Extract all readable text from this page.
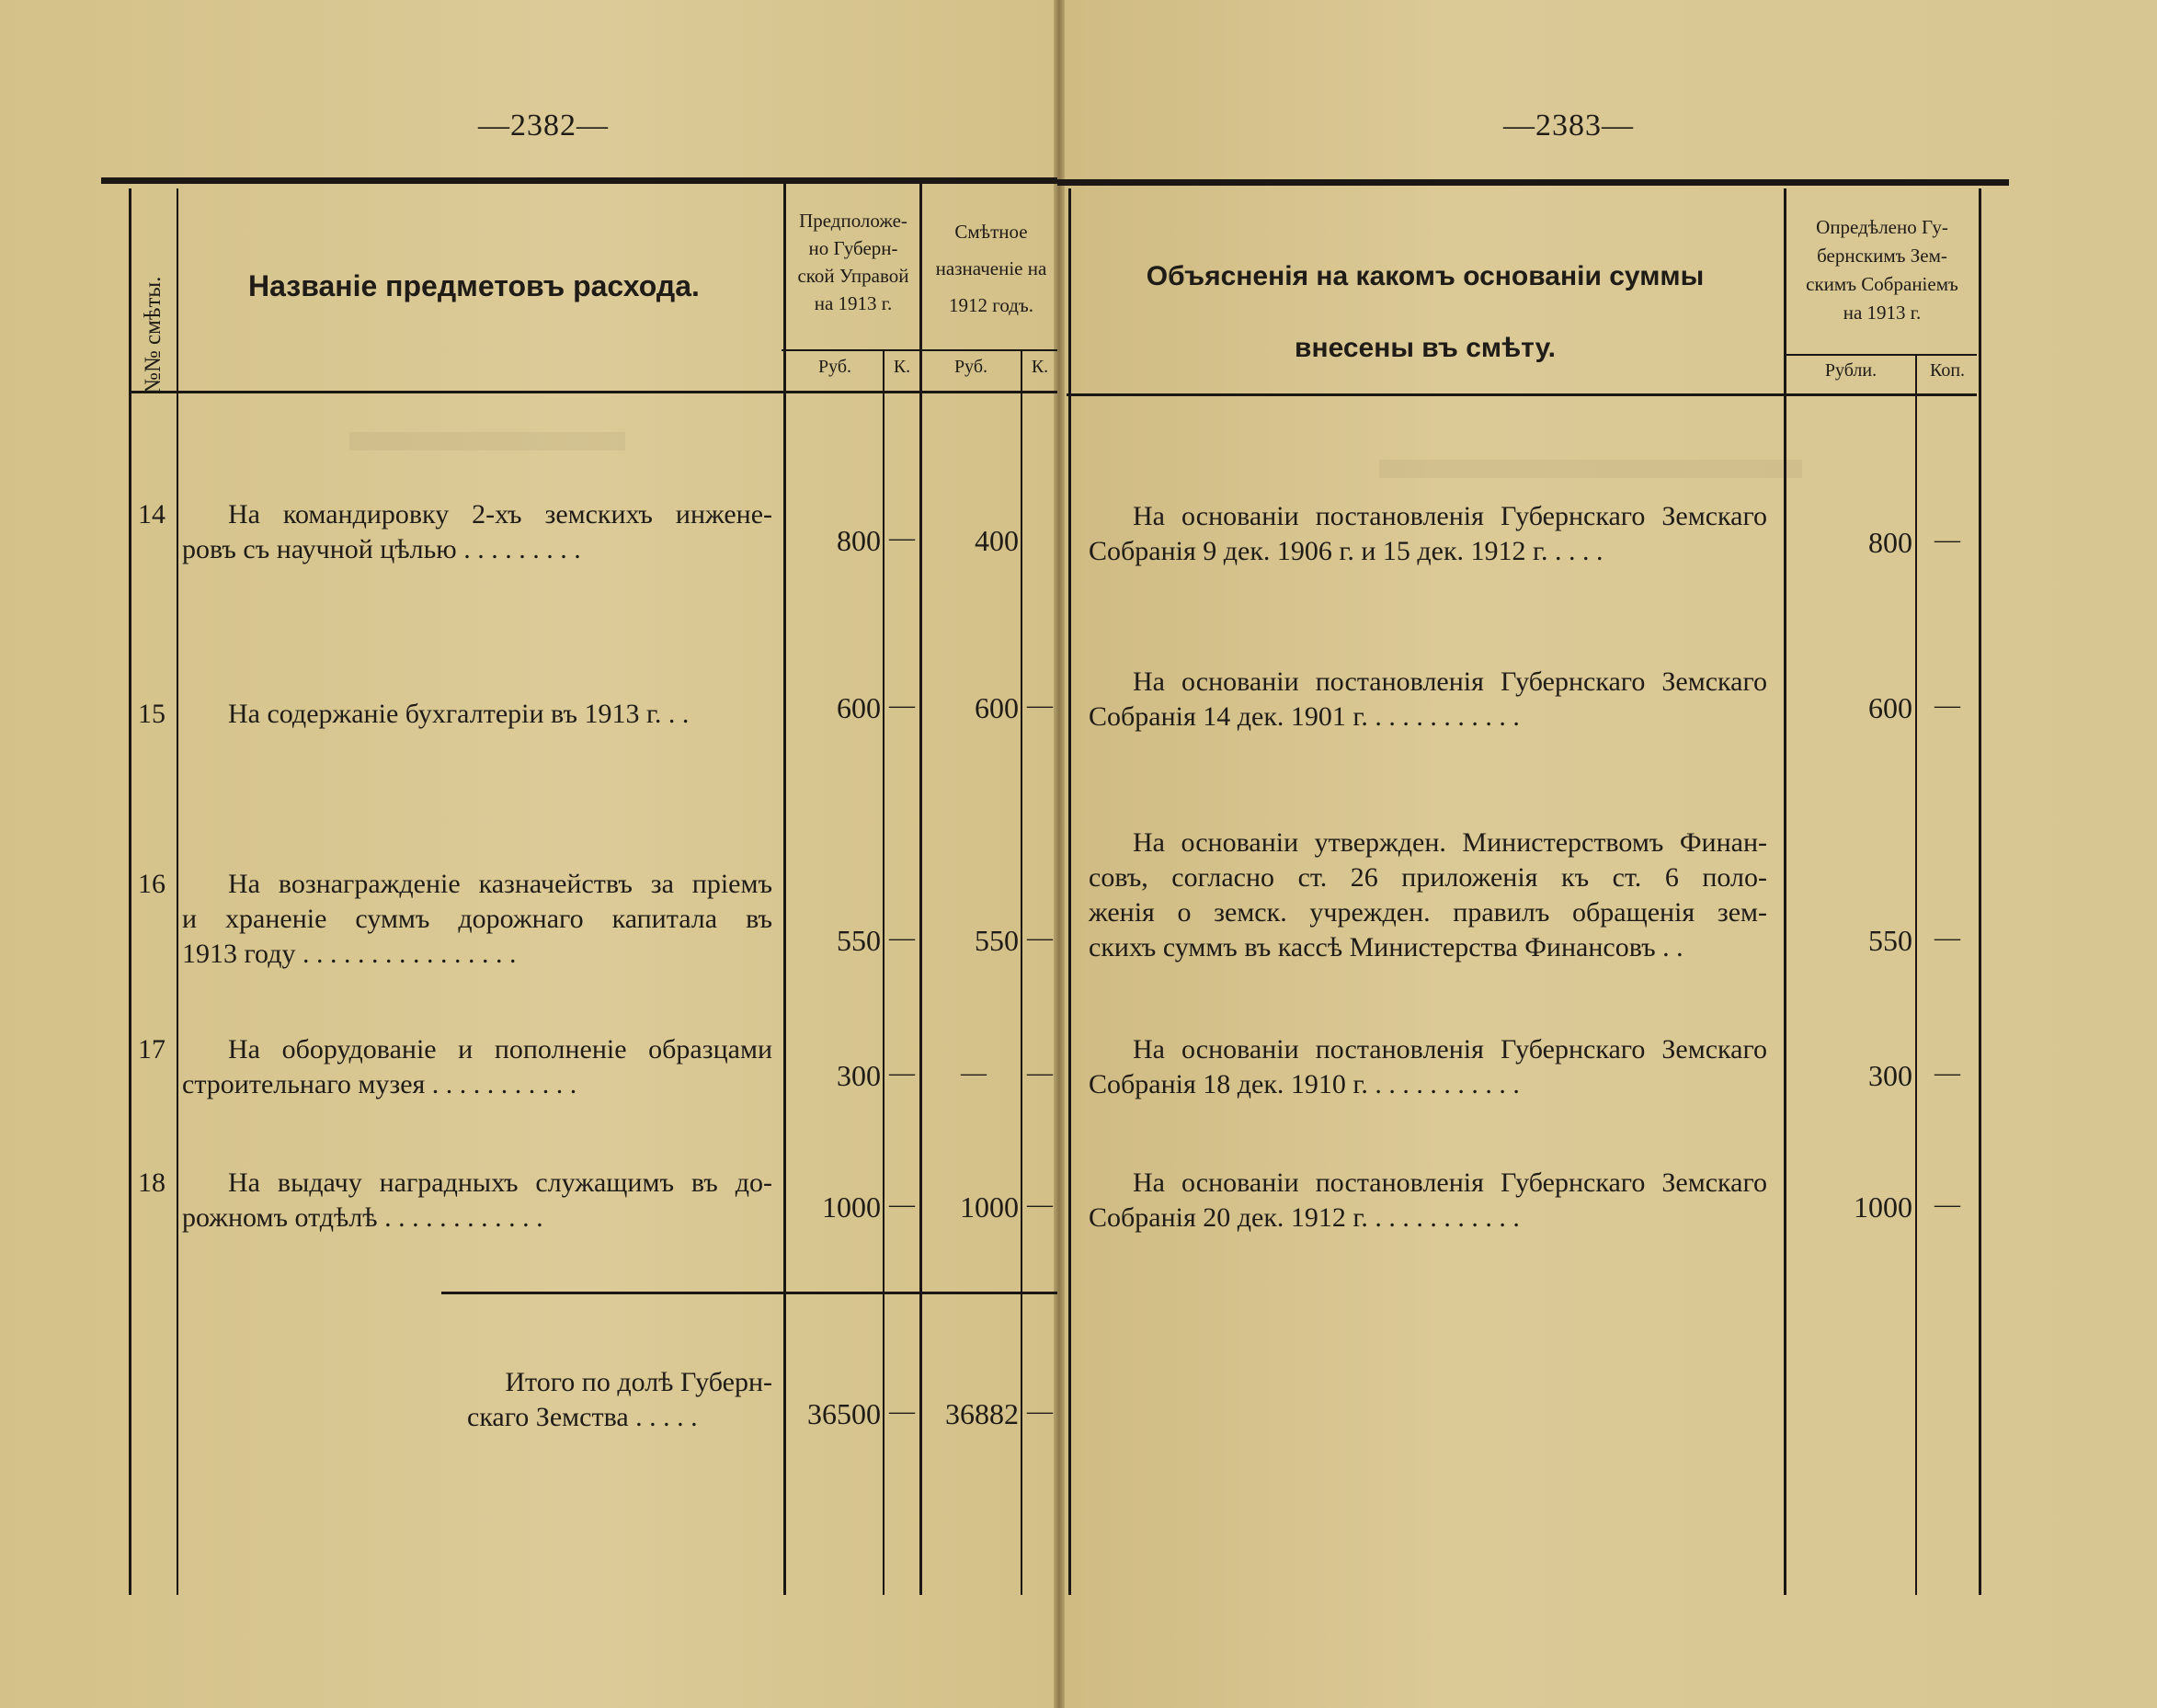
—2382—
№№ смѣты.	Названіе предметовъ расхода.
Предположе-
но Губерн-
ской Управой
на 1913 г.
Смѣтное
назначеніе на
1912 годъ.
Руб.	К.	Руб.	К.
14 На командировку 2-хъ земскихъ инжене-
ровъ съ научной цѣлью . . . . . . . . .	800 —	400
15 На содержаніе бухгалтеріи въ 1913 г. . .	600 —	600 —
16 На вознагражденіе казначействъ за пріемъ
и храненіе суммъ дорожнаго капитала въ
1913 году . . . . . . . . . . . . . . . .	550 —	550 —
17 На оборудованіе и пополненіе образцами
строительнаго музея . . . . . . . . . . .	300 —	—	—
18 На выдачу наградныхъ служащимъ въ до-
рожномъ отдѣлѣ . . . . . . . . . . . .	1000 —	1000 —
Итого по долѣ Губерн-
скаго Земства . . . . .	36500 —	36882 —
—2383—
Объясненія на какомъ основаніи суммы
внесены въ смѣту.
Опредѣлено Гу-
бернскимъ Зем-
скимъ Собраніемъ
на 1913 г.
Рубли.	Коп.
На основаніи постановленія Губернскаго Земскаго
Собранія 9 дек. 1906 г. и 15 дек. 1912 г. . . . .	800 —
На основаніи постановленія Губернскаго Земскаго
Собранія 14 дек. 1901 г. . . . . . . . . . . .	600 —
На основаніи утвержден. Министерствомъ Финан-
совъ, согласно ст. 26 приложенія къ ст. 6 поло-
женія о земск. учрежден. правилъ обращенія зем-
скихъ суммъ въ кассѣ Министерства Финансовъ . .	550 —
На основаніи постановленія Губернскаго Земскаго
Собранія 18 дек. 1910 г. . . . . . . . . . . .	300 —
На основаніи постановленія Губернскаго Земскаго
Собранія 20 дек. 1912 г. . . . . . . . . . . .	1000 —
